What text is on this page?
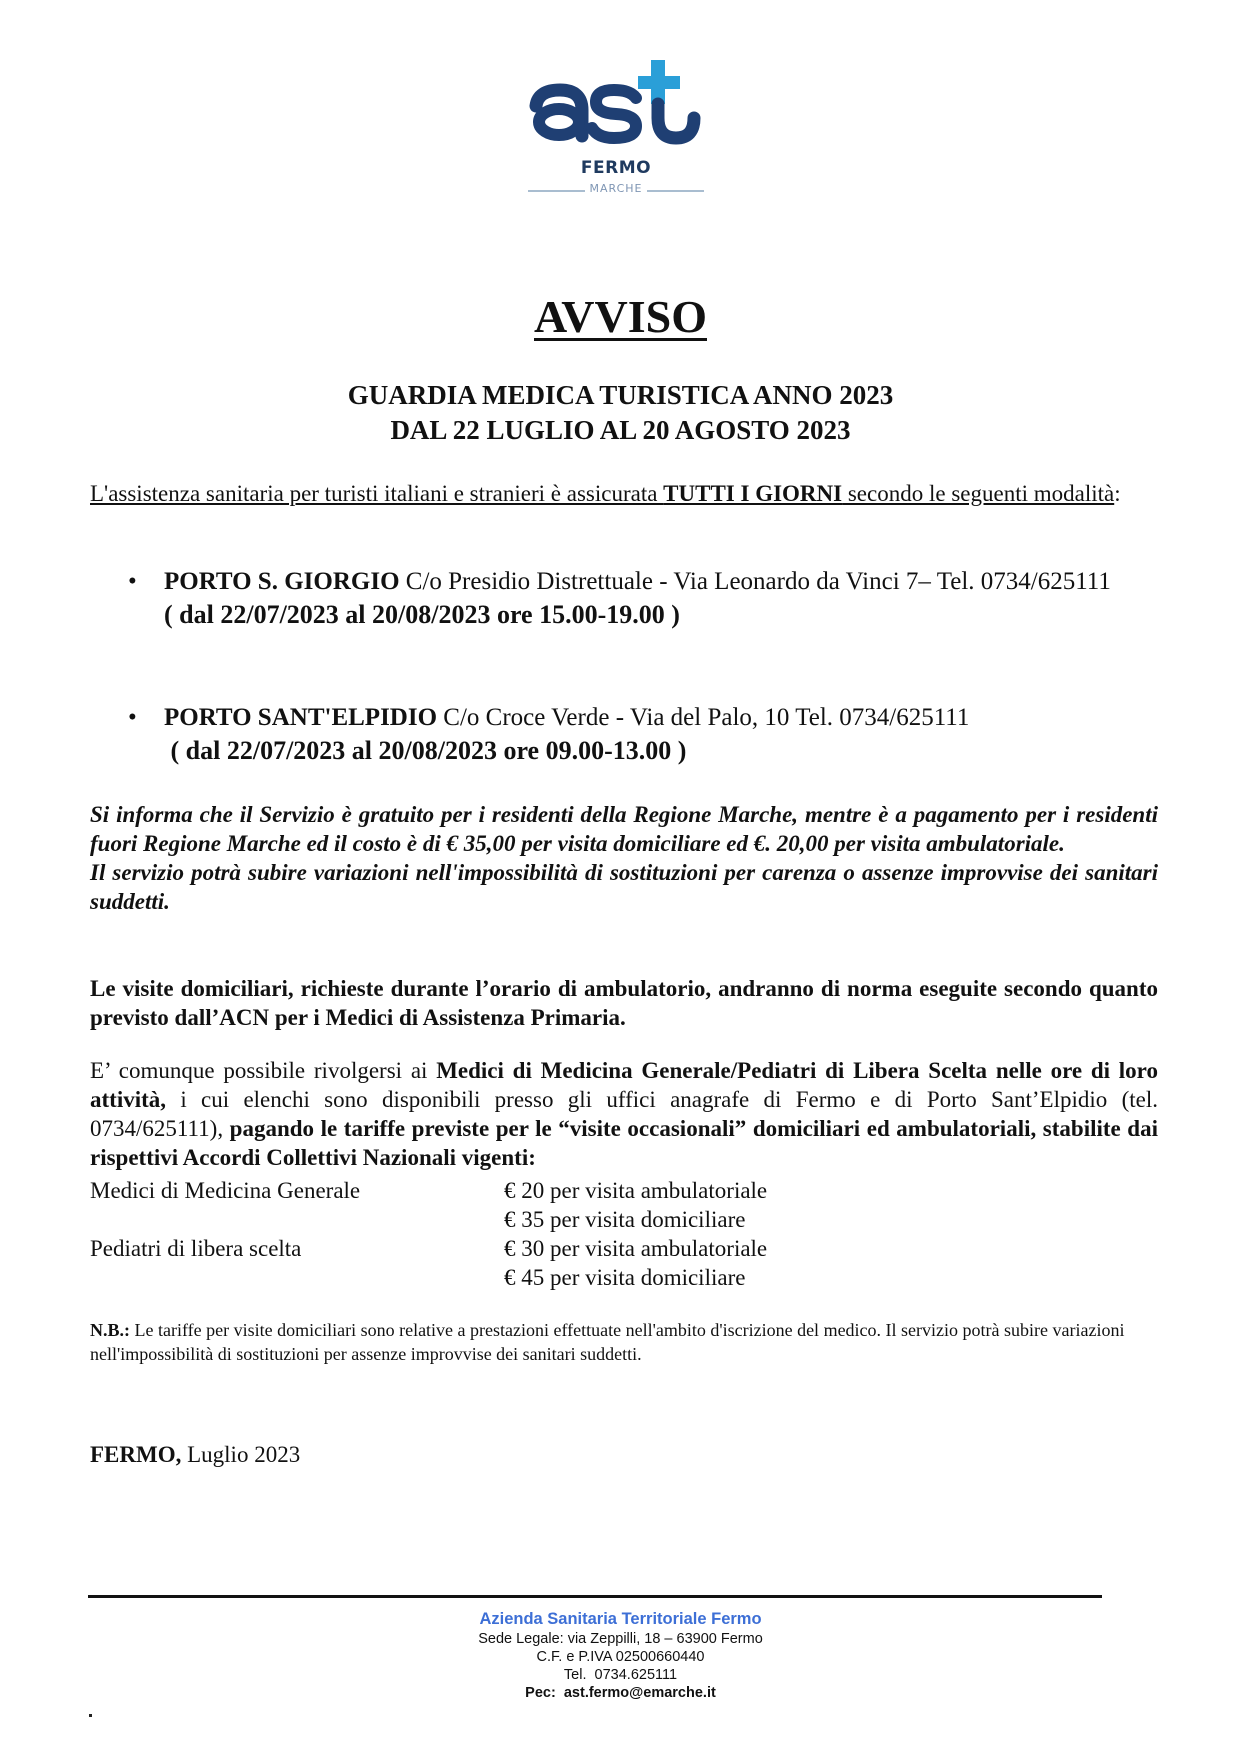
FERMO
MARCHE
AVVISO
GUARDIA MEDICA TURISTICA ANNO 2023
DAL 22 LUGLIO AL 20 AGOSTO 2023
L'assistenza sanitaria per turisti italiani e stranieri è assicurata TUTTI I GIORNI secondo le seguenti modalità:
• PORTO S. GIORGIO C/o Presidio Distrettuale - Via Leonardo da Vinci 7– Tel. 0734/625111
( dal 22/07/2023 al 20/08/2023 ore 15.00-19.00 )
• PORTO SANT'ELPIDIO C/o Croce Verde - Via del Palo, 10 Tel. 0734/625111
( dal 22/07/2023 al 20/08/2023 ore 09.00-13.00 )
Si informa che il Servizio è gratuito per i residenti della Regione Marche, mentre è a pagamento per i residenti fuori Regione Marche ed il costo è di € 35,00 per visita domiciliare ed €. 20,00 per visita ambulatoriale.
Il servizio potrà subire variazioni nell'impossibilità di sostituzioni per carenza o assenze improvvise dei sanitari suddetti.
Le visite domiciliari, richieste durante l’orario di ambulatorio, andranno di norma eseguite secondo quanto previsto dall’ACN per i Medici di Assistenza Primaria.
E’ comunque possibile rivolgersi ai Medici di Medicina Generale/Pediatri di Libera Scelta nelle ore di loro attività, i cui elenchi sono disponibili presso gli uffici anagrafe di Fermo e di Porto Sant’Elpidio (tel. 0734/625111), pagando le tariffe previste per le “visite occasionali” domiciliari ed ambulatoriali, stabilite dai rispettivi Accordi Collettivi Nazionali vigenti:
Medici di Medicina Generale	€ 20 per visita ambulatoriale
€ 35 per visita domiciliare
Pediatri di libera scelta	€ 30 per visita ambulatoriale
€ 45 per visita domiciliare
N.B.: Le tariffe per visite domiciliari sono relative a prestazioni effettuate nell'ambito d'iscrizione del medico. Il servizio potrà subire variazioni nell'impossibilità di sostituzioni per assenze improvvise dei sanitari suddetti.
FERMO, Luglio 2023
Azienda Sanitaria Territoriale Fermo
Sede Legale: via Zeppilli, 18 – 63900 Fermo
C.F. e P.IVA 02500660440
Tel.  0734.625111
Pec:  ast.fermo@emarche.it
